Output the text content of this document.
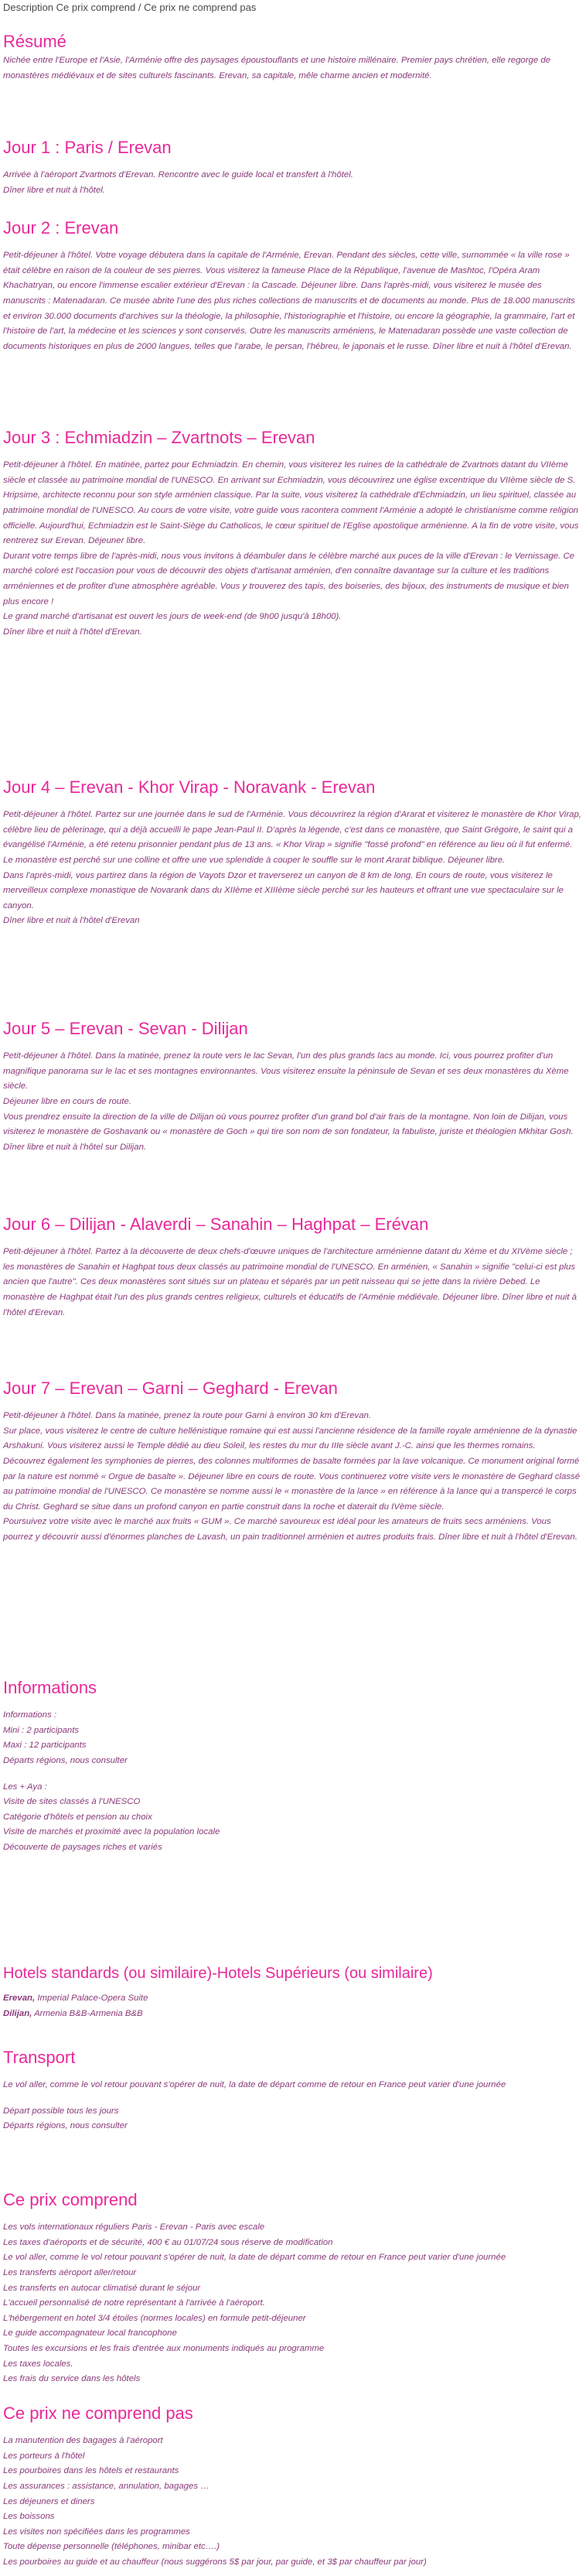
Description Ce prix comprend / Ce prix ne comprend pas
Résumé

Nichée entre l'Europe et l'Asie, l'Arménie offre des paysages époustouflants et une histoire millénaire. Premier pays chrétien, elle regorge de monastères médiévaux et de sites culturels fascinants. Erevan, sa capitale, mêle charme ancien et modernité.

Jour 1 : Paris / Erevan

Arrivée à l'aéroport Zvartnots d'Erevan. Rencontre avec le guide local et transfert à l'hôtel.
Dîner libre et nuit à l'hôtel.

Jour 2 : Erevan

Petit-déjeuner à l'hôtel. Votre voyage débutera dans la capitale de l'Arménie, Erevan. Pendant des siècles, cette ville, surnommée « la ville rose » était célèbre en raison de la couleur de ses pierres. Vous visiterez la fameuse Place de la République, l'avenue de Mashtoc, l'Opéra Aram Khachatryan, ou encore l'immense escalier extérieur d'Erevan : la Cascade. Déjeuner libre. Dans l'après-midi, vous visiterez le musée des manuscrits : Matenadaran. Ce musée abrite l'une des plus riches collections de manuscrits et de documents au monde. Plus de 18.000 manuscrits et environ 30.000 documents d'archives sur la théologie, la philosophie, l'historiographie et l'histoire, ou encore la géographie, la grammaire, l'art et l'histoire de l'art, la médecine et les sciences y sont conservés. Outre les manuscrits arméniens, le Matenadaran possède une vaste collection de documents historiques en plus de 2000 langues, telles que l'arabe, le persan, l'hébreu, le japonais et le russe. Dîner libre et nuit à l'hôtel d'Erevan.

Jour 3 : Echmiadzin – Zvartnots – Erevan

Petit-déjeuner à l'hôtel. En matinée, partez pour Echmiadzin. En chemin, vous visiterez les ruines de la cathédrale de Zvartnots datant du VIIème siècle et classée au patrimoine mondial de l'UNESCO. En arrivant sur Echmiadzin, vous découvrirez une église excentrique du VIIème siècle de S. Hripsime, architecte reconnu pour son style arménien classique. Par la suite, vous visiterez la cathédrale d'Echmiadzin, un lieu spirituel, classée au patrimoine mondial de l'UNESCO. Au cours de votre visite, votre guide vous racontera comment l'Arménie a adopté le christianisme comme religion officielle. Aujourd'hui, Echmiadzin est le Saint-Siège du Catholicos, le cœur spirituel de l'Eglise apostolique arménienne. A la fin de votre visite, vous rentrerez sur Erevan. Déjeuner libre.
Durant votre temps libre de l'après-midi, nous vous invitons à déambuler dans le célèbre marché aux puces de la ville d'Erevan : le Vernissage. Ce marché coloré est l'occasion pour vous de découvrir des objets d'artisanat arménien, d'en connaître davantage sur la culture et les traditions arméniennes et de profiter d'une atmosphère agréable. Vous y trouverez des tapis, des boiseries, des bijoux, des instruments de musique et bien plus encore !
Le grand marché d'artisanat est ouvert les jours de week-end (de 9h00 jusqu'à 18h00).
Dîner libre et nuit à l'hôtel d'Erevan.

Jour 4 – Erevan - Khor Virap - Noravank - Erevan

Petit-déjeuner à l'hôtel. Partez sur une journée dans le sud de l'Arménie. Vous découvrirez la région d'Ararat et visiterez le monastère de Khor Virap, célèbre lieu de pèlerinage, qui a déjà accueilli le pape Jean-Paul II. D'après la légende, c'est dans ce monastère, que Saint Grégoire, le saint qui a évangélisé l'Arménie, a été retenu prisonnier pendant plus de 13 ans. « Khor Virap » signifie "fossé profond" en référence au lieu où il fut enfermé. Le monastère est perché sur une colline et offre une vue splendide à couper le souffle sur le mont Ararat biblique. Déjeuner libre.
Dans l'après-midi, vous partirez dans la région de Vayots Dzor et traverserez un canyon de 8 km de long. En cours de route, vous visiterez le merveilleux complexe monastique de Novarank dans du XIIème et XIIIème siècle perché sur les hauteurs et offrant une vue spectaculaire sur le canyon.
Dîner libre et nuit à l'hôtel d'Erevan

Jour 5 – Erevan - Sevan - Dilijan

Petit-déjeuner à l'hôtel. Dans la matinée, prenez la route vers le lac Sevan, l'un des plus grands lacs au monde. Ici, vous pourrez profiter d'un magnifique panorama sur le lac et ses montagnes environnantes. Vous visiterez ensuite la péninsule de Sevan et ses deux monastères du Xème siècle.
Déjeuner libre en cours de route.
Vous prendrez ensuite la direction de la ville de Dilijan où vous pourrez profiter d'un grand bol d'air frais de la montagne. Non loin de Dilijan, vous visiterez le monastère de Goshavank ou « monastère de Goch » qui tire son nom de son fondateur, la fabuliste, juriste et théologien Mkhitar Gosh. Dîner libre et nuit à l'hôtel sur Dilijan.

Jour 6 – Dilijan - Alaverdi – Sanahin – Haghpat – Erévan

Petit-déjeuner à l'hôtel. Partez à la découverte de deux chefs-d'œuvre uniques de l'architecture arménienne datant du Xème et du XIVème siècle ; les monastères de Sanahin et Haghpat tous deux classés au patrimoine mondial de l'UNESCO. En arménien, « Sanahin » signifie "celui-ci est plus ancien que l'autre". Ces deux monastères sont situés sur un plateau et séparés par un petit ruisseau qui se jette dans la rivière Debed. Le monastère de Haghpat était l'un des plus grands centres religieux, culturels et éducatifs de l'Arménie médiévale. Déjeuner libre. Dîner libre et nuit à l'hôtel d'Erevan.

Jour 7 – Erevan – Garni – Geghard - Erevan

Petit-déjeuner à l'hôtel. Dans la matinée, prenez la route pour Garni à environ 30 km d'Erevan.
Sur place, vous visiterez le centre de culture hellénistique romaine qui est aussi l'ancienne résidence de la famille royale arménienne de la dynastie Arshakuni. Vous visiterez aussi le Temple dédié au dieu Soleil, les restes du mur du IIIe siècle avant J.-C. ainsi que les thermes romains.
Découvrez également les symphonies de pierres, des colonnes multiformes de basalte formées par la lave volcanique. Ce monument original formé par la nature est nommé « Orgue de basalte ». Déjeuner libre en cours de route. Vous continuerez votre visite vers le monastère de Geghard classé au patrimoine mondial de l'UNESCO. Ce monastère se nomme aussi le « monastère de la lance » en référence à la lance qui a transpercé le corps du Christ. Geghard se situe dans un profond canyon en partie construit dans la roche et daterait du IVème siècle.
Poursuivez votre visite avec le marché aux fruits « GUM ». Ce marché savoureux est idéal pour les amateurs de fruits secs arméniens. Vous pourrez y découvrir aussi d'énormes planches de Lavash, un pain traditionnel arménien et autres produits frais. Dîner libre et nuit à l'hôtel d'Erevan.

Informations

Informations :

Mini : 2 participants
Maxi : 12 participants
Départs régions, nous consulter

Les + Aya :
Visite de sites classés à l'UNESCO
Catégorie d'hôtels et pension au choix
Visite de marchés et proximité avec la population locale
Découverte de paysages riches et variés

Hotels standards (ou similaire)-Hotels Supérieurs (ou similaire)

Erevan, Imperial Palace-Opera Suite

Dilijan, Armenia B&B-Armenia B&B

Transport

Le vol aller, comme le vol retour pouvant s'opérer de nuit, la date de départ comme de retour en France peut varier d'une journée

Départ possible tous les jours
Départs régions, nous consulter

Ce prix comprend

Les vols internationaux réguliers Paris - Erevan - Paris avec escale
Les taxes d'aéroports et de sécurité, 400 € au 01/07/24 sous réserve de modification
Le vol aller, comme le vol retour pouvant s'opérer de nuit, la date de départ comme de retour en France peut varier d'une journée
Les transferts aéroport aller/retour
Les transferts en autocar climatisé durant le séjour
L'accueil personnalisé de notre représentant à l'arrivée à l'aéroport.
L'hébergement en hotel 3/4 étoiles (normes locales) en formule petit-déjeuner
Le guide accompagnateur local francophone
Toutes les excursions et les frais d'entrée aux monuments indiqués au programme
Les taxes locales.
Les frais du service dans les hôtels

Ce prix ne comprend pas

La manutention des bagages à l'aéroport
Les porteurs à l'hôtel
Les pourboires dans les hôtels et restaurants
Les assurances : assistance, annulation, bagages …
Les déjeuners et diners
Les boissons
Les visites non spécifiées dans les programmes
Toute dépense personnelle (téléphones, minibar etc….)
Les pourboires au guide et au chauffeur (nous suggérons 5$ par jour, par guide, et 3$ par chauffeur par jour)
